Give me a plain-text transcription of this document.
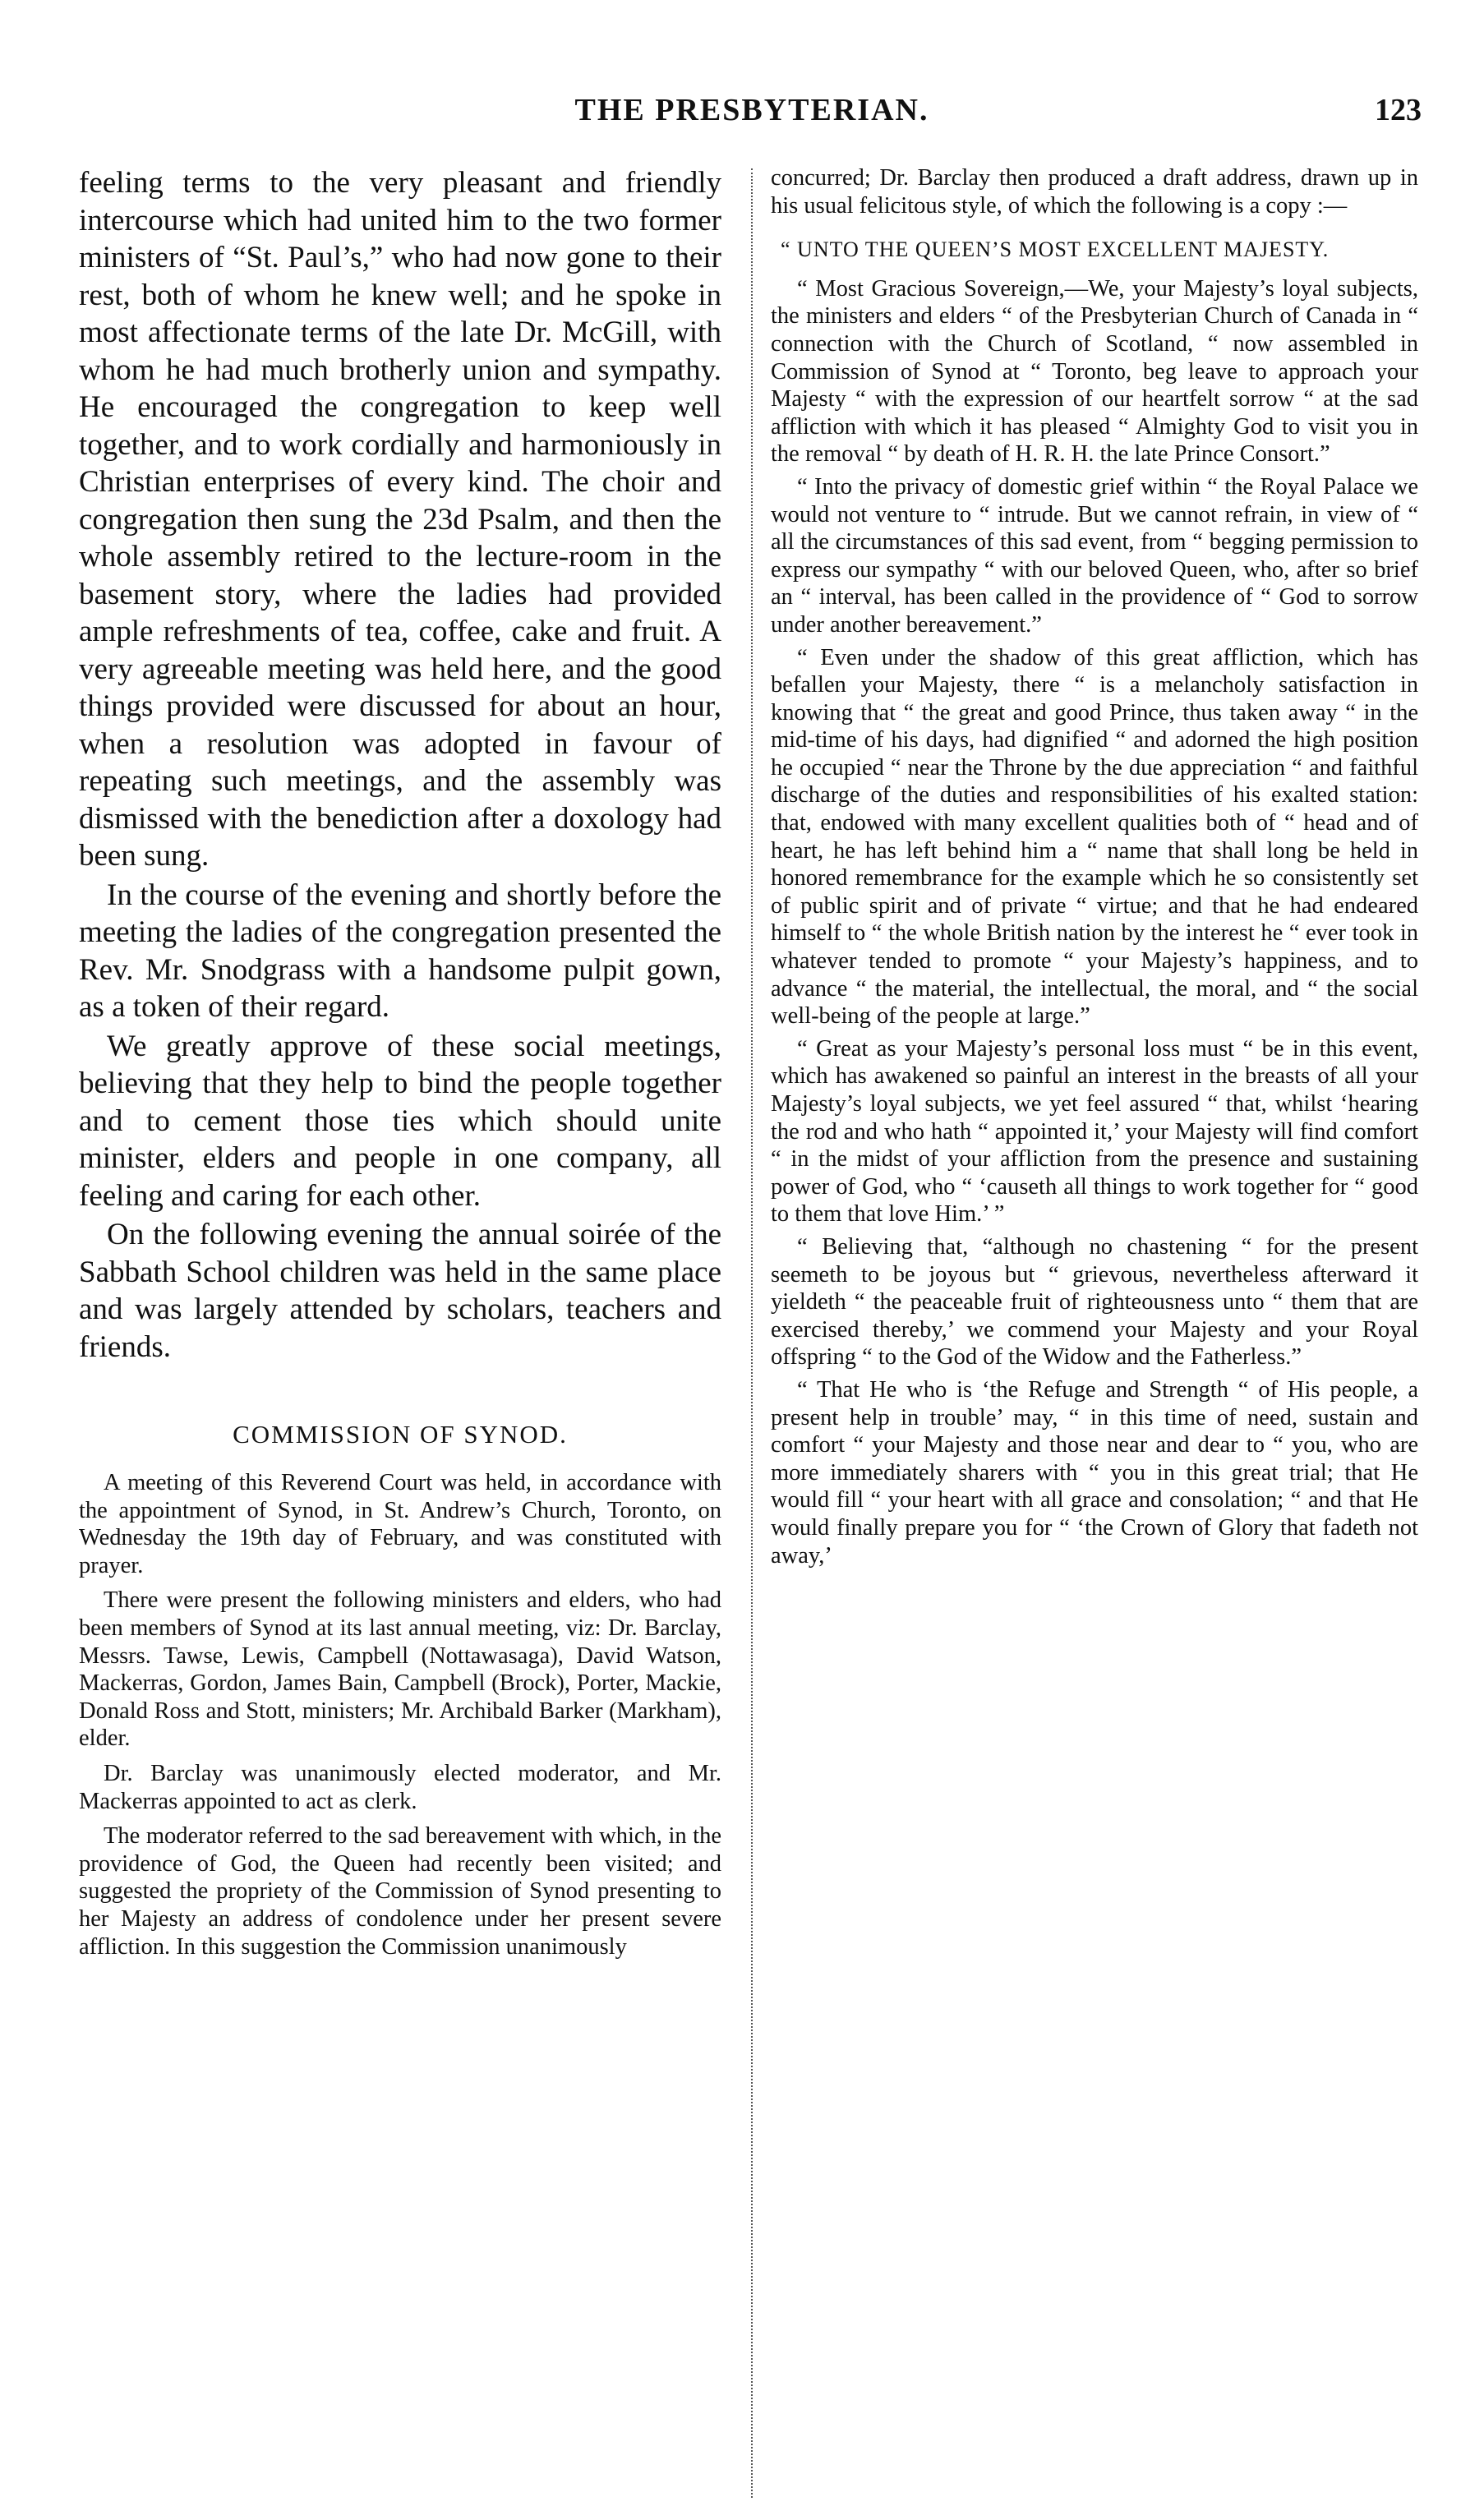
THE PRESBYTERIAN.	123

feeling terms to the very pleasant and friendly intercourse which had united him to the two former ministers of “St. Paul’s,” who had now gone to their rest, both of whom he knew well; and he spoke in most affectionate terms of the late Dr. McGill, with whom he had much brotherly union and sympathy. He encouraged the congregation to keep well together, and to work cordially and harmoniously in Christian enterprises of every kind. The choir and congregation then sung the 23d Psalm, and then the whole assembly retired to the lecture-room in the basement story, where the ladies had provided ample refreshments of tea, coffee, cake and fruit. A very agreeable meeting was held here, and the good things provided were discussed for about an hour, when a resolution was adopted in favour of repeating such meetings, and the assembly was dismissed with the benediction after a doxology had been sung.

In the course of the evening and shortly before the meeting the ladies of the congregation presented the Rev. Mr. Snodgrass with a handsome pulpit gown, as a token of their regard.

We greatly approve of these social meetings, believing that they help to bind the people together and to cement those ties which should unite minister, elders and people in one company, all feeling and caring for each other.

On the following evening the annual soirée of the Sabbath School children was held in the same place and was largely attended by scholars, teachers and friends.

COMMISSION OF SYNOD.

A meeting of this Reverend Court was held, in accordance with the appointment of Synod, in St. Andrew’s Church, Toronto, on Wednesday the 19th day of February, and was constituted with prayer.

There were present the following ministers and elders, who had been members of Synod at its last annual meeting, viz: Dr. Barclay, Messrs. Tawse, Lewis, Campbell (Nottawasaga), David Watson, Mackerras, Gordon, James Bain, Campbell (Brock), Porter, Mackie, Donald Ross and Stott, ministers; Mr. Archibald Barker (Markham), elder.

Dr. Barclay was unanimously elected moderator, and Mr. Mackerras appointed to act as clerk.

The moderator referred to the sad bereavement with which, in the providence of God, the Queen had recently been visited; and suggested the propriety of the Commission of Synod presenting to her Majesty an address of condolence under her present severe affliction. In this suggestion the Commission unanimously

concurred; Dr. Barclay then produced a draft address, drawn up in his usual felicitous style, of which the following is a copy :—

“ UNTO THE QUEEN’S MOST EXCELLENT MAJESTY.

“ Most Gracious Sovereign,—We, your Majesty’s loyal subjects, the ministers and elders “ of the Presbyterian Church of Canada in “ connection with the Church of Scotland, “ now assembled in Commission of Synod at “ Toronto, beg leave to approach your Majesty “ with the expression of our heartfelt sorrow “ at the sad affliction with which it has pleased “ Almighty God to visit you in the removal “ by death of H. R. H. the late Prince Consort.”

“ Into the privacy of domestic grief within “ the Royal Palace we would not venture to “ intrude. But we cannot refrain, in view of “ all the circumstances of this sad event, from “ begging permission to express our sympathy “ with our beloved Queen, who, after so brief an “ interval, has been called in the providence of “ God to sorrow under another bereavement.”

“ Even under the shadow of this great affliction, which has befallen your Majesty, there “ is a melancholy satisfaction in knowing that “ the great and good Prince, thus taken away “ in the mid-time of his days, had dignified “ and adorned the high position he occupied “ near the Throne by the due appreciation “ and faithful discharge of the duties and responsibilities of his exalted station: that, endowed with many excellent qualities both of “ head and of heart, he has left behind him a “ name that shall long be held in honored remembrance for the example which he so consistently set of public spirit and of private “ virtue; and that he had endeared himself to “ the whole British nation by the interest he “ ever took in whatever tended to promote “ your Majesty’s happiness, and to advance “ the material, the intellectual, the moral, and “ the social well-being of the people at large.”

“ Great as your Majesty’s personal loss must “ be in this event, which has awakened so painful an interest in the breasts of all your Majesty’s loyal subjects, we yet feel assured “ that, whilst ‘hearing the rod and who hath “ appointed it,’ your Majesty will find comfort “ in the midst of your affliction from the presence and sustaining power of God, who “ ‘causeth all things to work together for “ good to them that love Him.’ ”

“ Believing that, “although no chastening “ for the present seemeth to be joyous but “ grievous, nevertheless afterward it yieldeth “ the peaceable fruit of righteousness unto “ them that are exercised thereby,’ we commend your Majesty and your Royal offspring “ to the God of the Widow and the Fatherless.”

“ That He who is ‘the Refuge and Strength “ of His people, a present help in trouble’ may, “ in this time of need, sustain and comfort “ your Majesty and those near and dear to “ you, who are more immediately sharers with “ you in this great trial; that He would fill “ your heart with all grace and consolation; “ and that He would finally prepare you for “ ‘the Crown of Glory that fadeth not away,’
